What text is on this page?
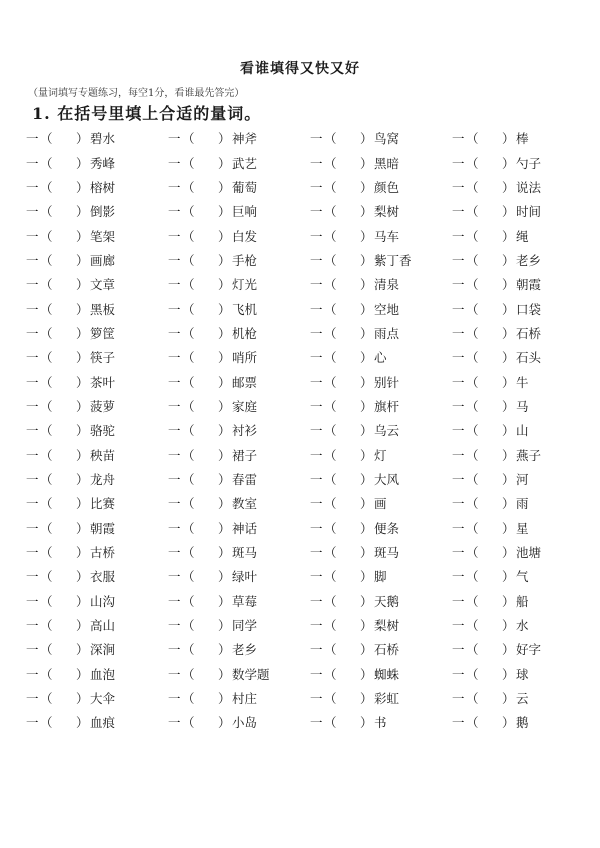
看谁填得又快又好
（量词填写专题练习，每空1分，看谁最先答完）
1. 在括号里填上合适的量词。
一 （ ） 碧水	一 （ ） 神斧	一 （ ） 鸟窝	一 （ ） 棒
一 （ ） 秀峰	一 （ ） 武艺	一 （ ） 黑暗	一 （ ） 勺子
一 （ ） 榕树	一 （ ） 葡萄	一 （ ） 颜色	一 （ ） 说法
一 （ ） 倒影	一 （ ） 巨响	一 （ ） 梨树	一 （ ） 时间
一 （ ） 笔架	一 （ ） 白发	一 （ ） 马车	一 （ ） 绳
一 （ ） 画廊	一 （ ） 手枪	一 （ ） 紫丁香	一 （ ） 老乡
一 （ ） 文章	一 （ ） 灯光	一 （ ） 清泉	一 （ ） 朝霞
一 （ ） 黑板	一 （ ） 飞机	一 （ ） 空地	一 （ ） 口袋
一 （ ） 箩筐	一 （ ） 机枪	一 （ ） 雨点	一 （ ） 石桥
一 （ ） 筷子	一 （ ） 哨所	一 （ ） 心	一 （ ） 石头
一 （ ） 茶叶	一 （ ） 邮票	一 （ ） 别针	一 （ ） 牛
一 （ ） 菠萝	一 （ ） 家庭	一 （ ） 旗杆	一 （ ） 马
一 （ ） 骆驼	一 （ ） 衬衫	一 （ ） 乌云	一 （ ） 山
一 （ ） 秧苗	一 （ ） 裙子	一 （ ） 灯	一 （ ） 燕子
一 （ ） 龙舟	一 （ ） 春雷	一 （ ） 大风	一 （ ） 河
一 （ ） 比赛	一 （ ） 教室	一 （ ） 画	一 （ ） 雨
一 （ ） 朝霞	一 （ ） 神话	一 （ ） 便条	一 （ ） 星
一 （ ） 古桥	一 （ ） 斑马	一 （ ） 斑马	一 （ ） 池塘
一 （ ） 衣服	一 （ ） 绿叶	一 （ ） 脚	一 （ ） 气
一 （ ） 山沟	一 （ ） 草莓	一 （ ） 天鹅	一 （ ） 船
一 （ ） 高山	一 （ ） 同学	一 （ ） 梨树	一 （ ） 水
一 （ ） 深涧	一 （ ） 老乡	一 （ ） 石桥	一 （ ） 好字
一 （ ） 血泡	一 （ ） 数学题	一 （ ） 蜘蛛	一 （ ） 球
一 （ ） 大伞	一 （ ） 村庄	一 （ ） 彩虹	一 （ ） 云
一 （ ） 血痕	一 （ ） 小岛	一 （ ） 书	一 （ ） 鹅
